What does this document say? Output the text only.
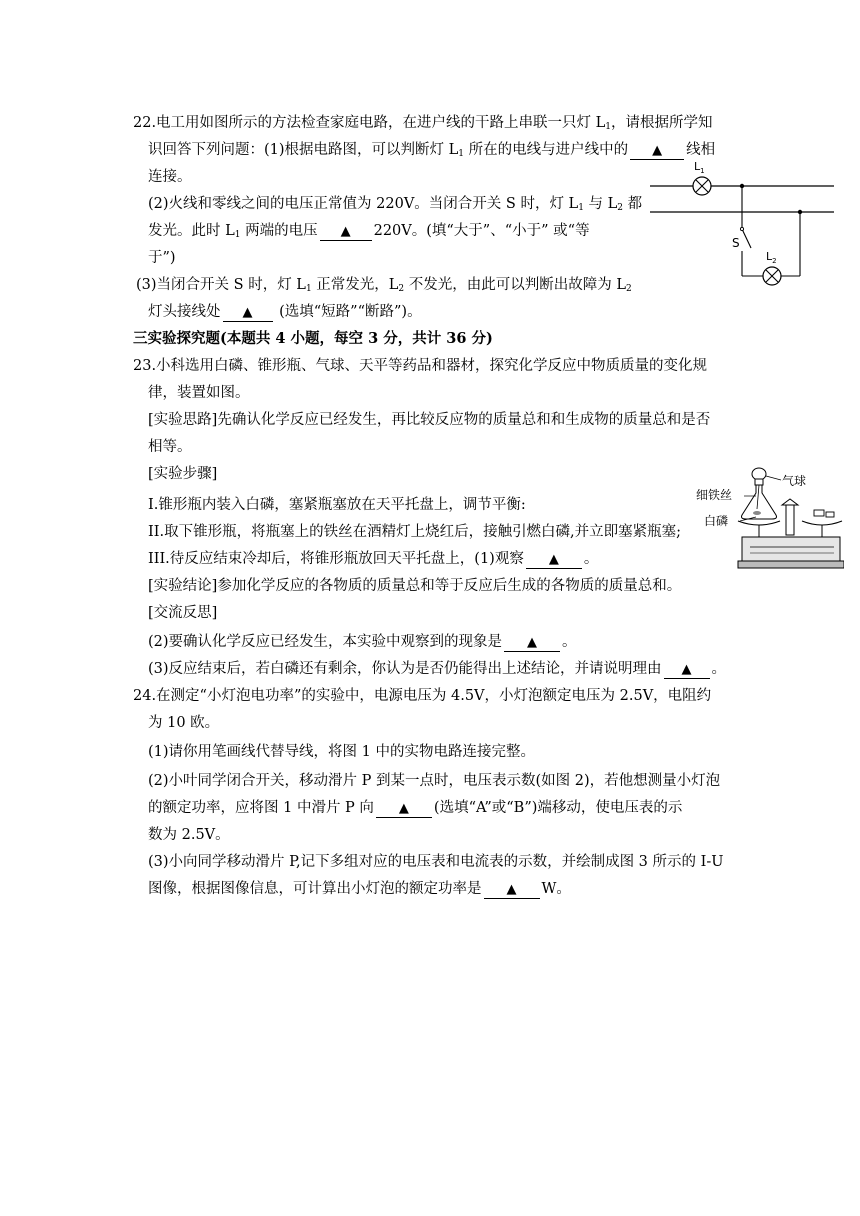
22.电工用如图所示的方法检查家庭电路，在进户线的干路上串联一只灯 $L_1$，请根据所学知
识回答下列问题：(1)根据电路图，可以判断灯 $L_1$ 所在的电线与进户线中的 ▲ 线相
连接。
(2)火线和零线之间的电压正常值为 220V。当闭合开关 S 时，灯 $L_1$ 与 $L_2$ 都
发光。此时 $L_1$ 两端的电压 ▲ 220V。(填“大于”、“小于” 或“等
于”)
(3)当闭合开关 S 时，灯 $L_1$ 正常发光，$L_2$ 不发光，由此可以判断出故障为 $L_2$
灯头接线处 ▲ (选填“短路”“断路”)。
$L_1$
S
$L_2$
三实验探究题(本题共 4 小题，每空 3 分，共计 36 分)
23.小科选用白磷、锥形瓶、气球、天平等药品和器材，探究化学反应中物质质量的变化规
律，装置如图。
[实验思路]先确认化学反应已经发生，再比较反应物的质量总和和生成物的质量总和是否
相等。
[实验步骤]
I.锥形瓶内装入白磷，塞紧瓶塞放在天平托盘上，调节平衡:
II.取下锥形瓶，将瓶塞上的铁丝在酒精灯上烧红后，接触引燃白磷,并立即塞紧瓶塞;
III.待反应结束冷却后，将锥形瓶放回天平托盘上，(1)观察 ▲ 。
[实验结论]参加化学反应的各物质的质量总和等于反应后生成的各物质的质量总和。
[交流反思]
(2)要确认化学反应已经发生，本实验中观察到的现象是 ▲ 。
(3)反应结束后，若白磷还有剩余，你认为是否仍能得出上述结论，并请说明理由 ▲ 。
气球
细铁丝
白磷
24.在测定“小灯泡电功率”的实验中，电源电压为 4.5V，小灯泡额定电压为 2.5V，电阻约
为 10 欧。
(1)请你用笔画线代替导线，将图 1 中的实物电路连接完整。
(2)小叶同学闭合开关，移动滑片 P 到某一点时，电压表示数(如图 2)，若他想测量小灯泡
的额定功率，应将图 1 中滑片 P 向 ▲ (选填“A”或“B”)端移动，使电压表的示
数为 2.5V。
(3)小向同学移动滑片 P,记下多组对应的电压表和电流表的示数，并绘制成图 3 所示的 I-U
图像，根据图像信息，可计算出小灯泡的额定功率是 ▲ W。
